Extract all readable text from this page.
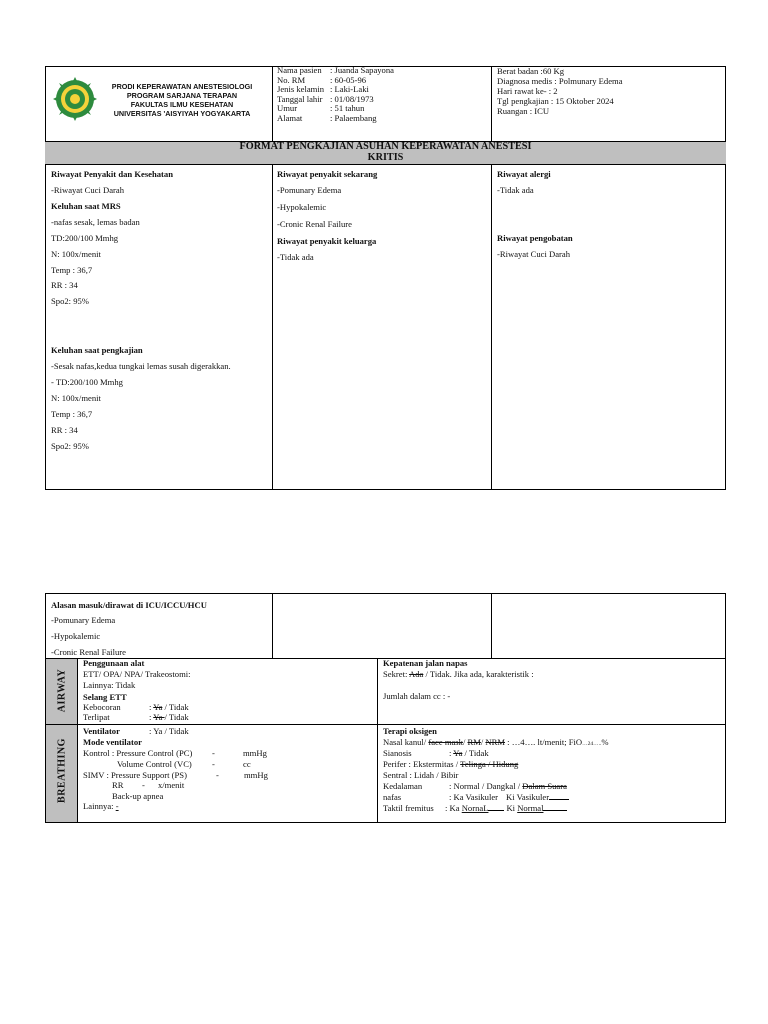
PRODI KEPERAWATAN ANESTESIOLOGI
PROGRAM SARJANA TERAPAN
FAKULTAS ILMU KESEHATAN
UNIVERSITAS 'AISYIYAH YOGYAKARTA
Nama pasien : Juanda Sapayona
No. RM	: 60-05-96
Jenis kelamin : Laki-Laki
Tanggal lahir : 01/08/1973
Umur	: 51 tahun
Alamat	: Palaembang
Berat badan :60 Kg
Diagnosa medis : Polmunary Edema
Hari rawat ke- : 2
Tgl pengkajian : 15 Oktober 2024
Ruangan : ICU
FORMAT PENGKAJIAN ASUHAN KEPERAWATAN ANESTESI
KRITIS
Riwayat Penyakit dan Kesehatan
-Riwayat Cuci Darah
Keluhan saat MRS
-nafas sesak, lemas badan
TD:200/100 Mmhg
N: 100x/menit
Temp : 36,7
RR : 34
Spo2: 95%
Keluhan saat pengkajian
-Sesak nafas,kedua tungkai lemas susah digerakkan.
- TD:200/100 Mmhg
N: 100x/menit
Temp : 36,7
RR : 34
Spo2: 95%
Riwayat penyakit sekarang
-Pomunary Edema
-Hypokalemic
-Cronic Renal Failure
Riwayat penyakit keluarga
-Tidak ada
Riwayat alergi
-Tidak ada
Riwayat pengobatan
-Riwayat Cuci Darah
Alasan masuk/dirawat di ICU/ICCU/HCU
-Pomunary Edema
-Hypokalemic
-Cronic Renal Failure
AIRWAY
BREATHING
Penggunaan alat
ETT/ OPA/ NPA/ Trakeostomi:
Lainnya: Tidak
Selang ETT
Kebocoran	: Ya / Tidak
Terlipat	: Ya / Tidak
Kepatenan jalan napas
Sekret: Ada / Tidak. Jika ada, karakteristik :
Jumlah dalam cc : -
Ventilator	: Ya / Tidak
Mode ventilator
Kontrol : Pressure Control (PC) -	mmHg
Volume Control (VC) -	cc
SIMV : Pressure Support (PS)	-	mmHg
RR - x/menit
Back-up apnea
Lainnya: -
Terapi oksigen
Nasal kanul/ face mask/ RM/ NRM : …4…. lt/menit; FiO…24…..%
Sianosis	: Ya / Tidak
Perifer : Ekstermitas / Telinga / Hidung
Sentral : Lidah / Bibir
Kedalaman	: Normal / Dangkal / Dalam Suara
nafas	: Ka Vasikuler Ki Vasikuler
Taktil fremitus : Ka NornaL Ki Normal
